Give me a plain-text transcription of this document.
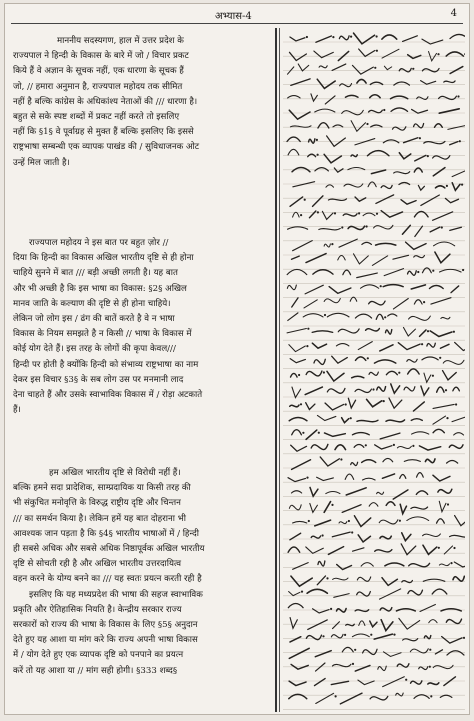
अभ्यास-4	4
माननीय सदस्यगण, हाल में उत्तर प्रदेश के
राज्यपाल ने हिन्दी के विकास के बारे में जो / विचार प्रकट
किये हैं वे अज्ञान के सूचक नहीं, एक धारणा के सूचक हैं
जो, // हमारा अनुमान है, राज्यपाल महोदय तक सीमित
नहीं है बल्कि कांग्रेस के अधिकांश्य नेताओं की /// धारणा है।
बहुत से सके स्पष्ट शब्दों में प्रकट नहीं करते तो इसलिए
नहीं कि §1§ वे पूर्वाग्रह से मुक्त हैं बल्कि इसलिए कि इससे
राष्ट्रभाषा सम्बन्धी एक व्यापक पाखंड की / सुविधाजनक ओट
उन्हें मिल जाती है।
राज्यपाल महोदय ने इस बात पर बहुत ज़ोर //
दिया कि हिन्दी का विकास अखिल भारतीय दृष्टि से ही होना
चाहिये सुनने में बात /// बड़ी अच्छी लगती है। यह बात
और भी अच्छी है कि इस भाषा का विकास: §2§ अखिल
मानव जाति के कल्याण की दृष्टि से ही होना चाहिये।
लेकिन जो लोग इस / ढंग की बातें करते है वे न भाषा
विकास के नियम समझते है न किसी // भाषा के विकास में
कोई योग देते हैं। इस तरह के लोगों की कृपा केवल///
हिन्दी पर होती है क्योंकि हिन्दी को संभाव्य राष्ट्रभाषा का नाम
देकर इस विचार §3§ के सब लोग उस पर मनमानी लाद
देना चाहते हैं और उसके स्वाभाविक विकास में / रोड़ा अटकाते
हैं।
हम अखिल भारतीय दृष्टि से विरोधी नहीं हैं।
बल्कि हमने सदा प्रादेशिक, साम्प्रदायिक या किसी तरह की
भी संकुचित मनोवृत्ति के विरुद्ध राष्ट्रीय दृष्टि और चिन्तन
/// का समर्थन किया है। लेकिन हमें यह बात दोहराना भी
आवश्यक जान पड़ता है कि §4§ भारतीय भाषाओं में / हिन्दी
ही सबसे अधिक और सबसे अधिक निष्ठापूर्वक अखिल भारतीय
दृष्टि से सोचती रही है और अखिल भारतीय उत्तरदायित्व
वहन करने के योग्य बनने का /// यह स्वतः प्रयत्न करती रही है
इसलिए कि यह मध्यप्रदेश की भाषा की सहज स्वाभाविक
प्रकृति और ऐतिहासिक नियति है। केन्द्रीय सरकार राज्य
सरकारों को राज्य की भाषा के विकास के लिए §5§ अनुदान
देते हुए यह आशा या मांग करे कि राज्य अपनी भाषा विकास
में / योग देते हुए एक व्यापक दृष्टि को पनपाने का प्रयत्न
करें तो यह आशा या // मांग सही होगी। §333 शब्द§
